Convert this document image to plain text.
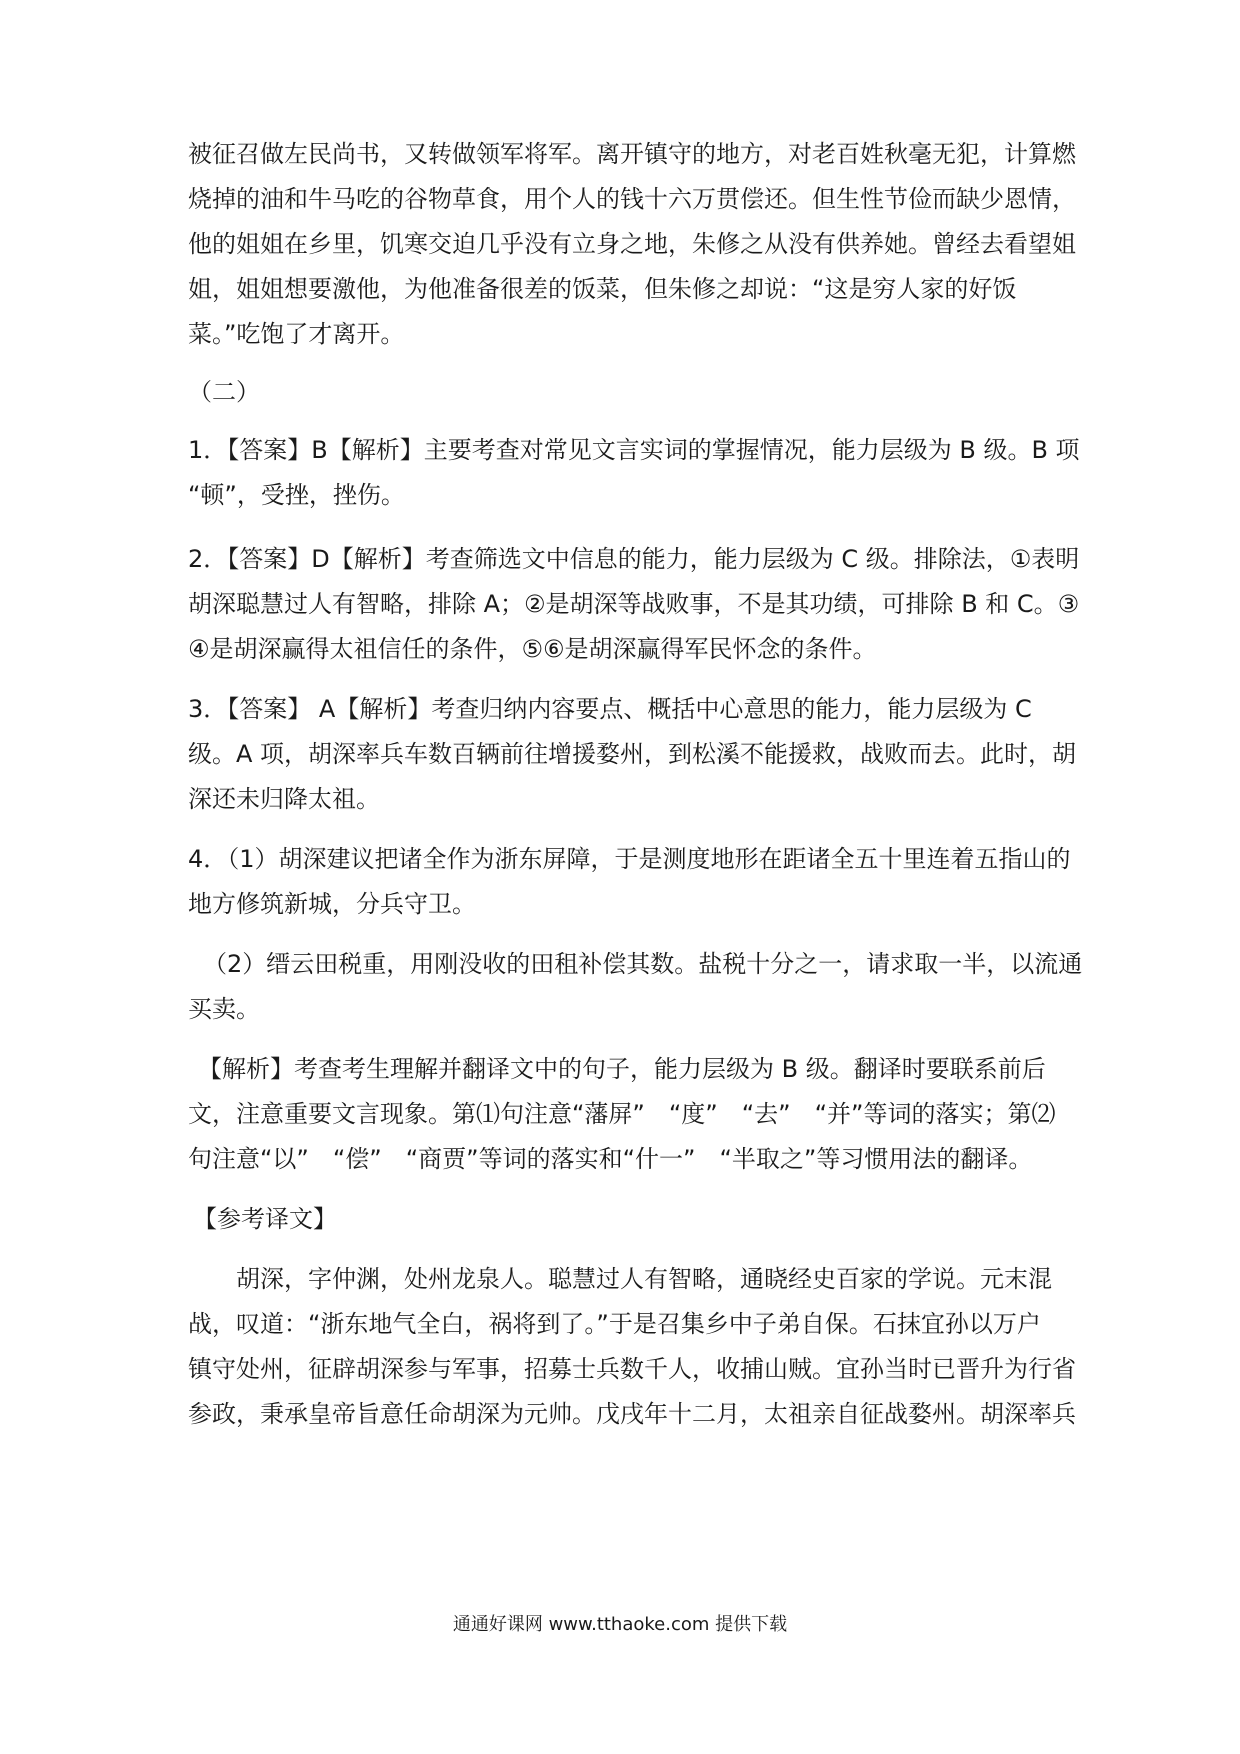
被征召做左民尚书，又转做领军将军。离开镇守的地方，对老百姓秋毫无犯，计算燃
烧掉的油和牛马吃的谷物草食，用个人的钱十六万贯偿还。但生性节俭而缺少恩情，
他的姐姐在乡里，饥寒交迫几乎没有立身之地，朱修之从没有供养她。曾经去看望姐
姐，姐姐想要激他，为他准备很差的饭菜，但朱修之却说：“这是穷人家的好饭
菜。”吃饱了才离开。
（二）
1．【答案】B【解析】主要考查对常见文言实词的掌握情况，能力层级为 B 级。B 项
“顿”，受挫，挫伤。
2．【答案】D【解析】考查筛选文中信息的能力，能力层级为 C 级。排除法，①表明
胡深聪慧过人有智略，排除 A；②是胡深等战败事，不是其功绩，可排除 B 和 C。③
④是胡深赢得太祖信任的条件，⑤⑥是胡深赢得军民怀念的条件。
3．【答案】 A【解析】考查归纳内容要点、概括中心意思的能力，能力层级为 C
级。A 项，胡深率兵车数百辆前往增援婺州，到松溪不能援救，战败而去。此时，胡
深还未归降太祖。
4．（1）胡深建议把诸全作为浙东屏障，于是测度地形在距诸全五十里连着五指山的
地方修筑新城，分兵守卫。
（2）缙云田税重，用刚没收的田租补偿其数。盐税十分之一，请求取一半，以流通
买卖。
【解析】考查考生理解并翻译文中的句子，能力层级为 B 级。翻译时要联系前后
文，注意重要文言现象。第⑴句注意“藩屏”　“度”　“去”　“并”等词的落实；第⑵
句注意“以”　“偿”　“商贾”等词的落实和“什一”　“半取之”等习惯用法的翻译。
【参考译文】
胡深，字仲渊，处州龙泉人。聪慧过人有智略，通晓经史百家的学说。元末混
战，叹道：“浙东地气全白，祸将到了。”于是召集乡中子弟自保。石抹宜孙以万户
镇守处州，征辟胡深参与军事，招募士兵数千人，收捕山贼。宜孙当时已晋升为行省
参政，秉承皇帝旨意任命胡深为元帅。戊戌年十二月，太祖亲自征战婺州。胡深率兵
通通好课网 www.tthaoke.com 提供下载
